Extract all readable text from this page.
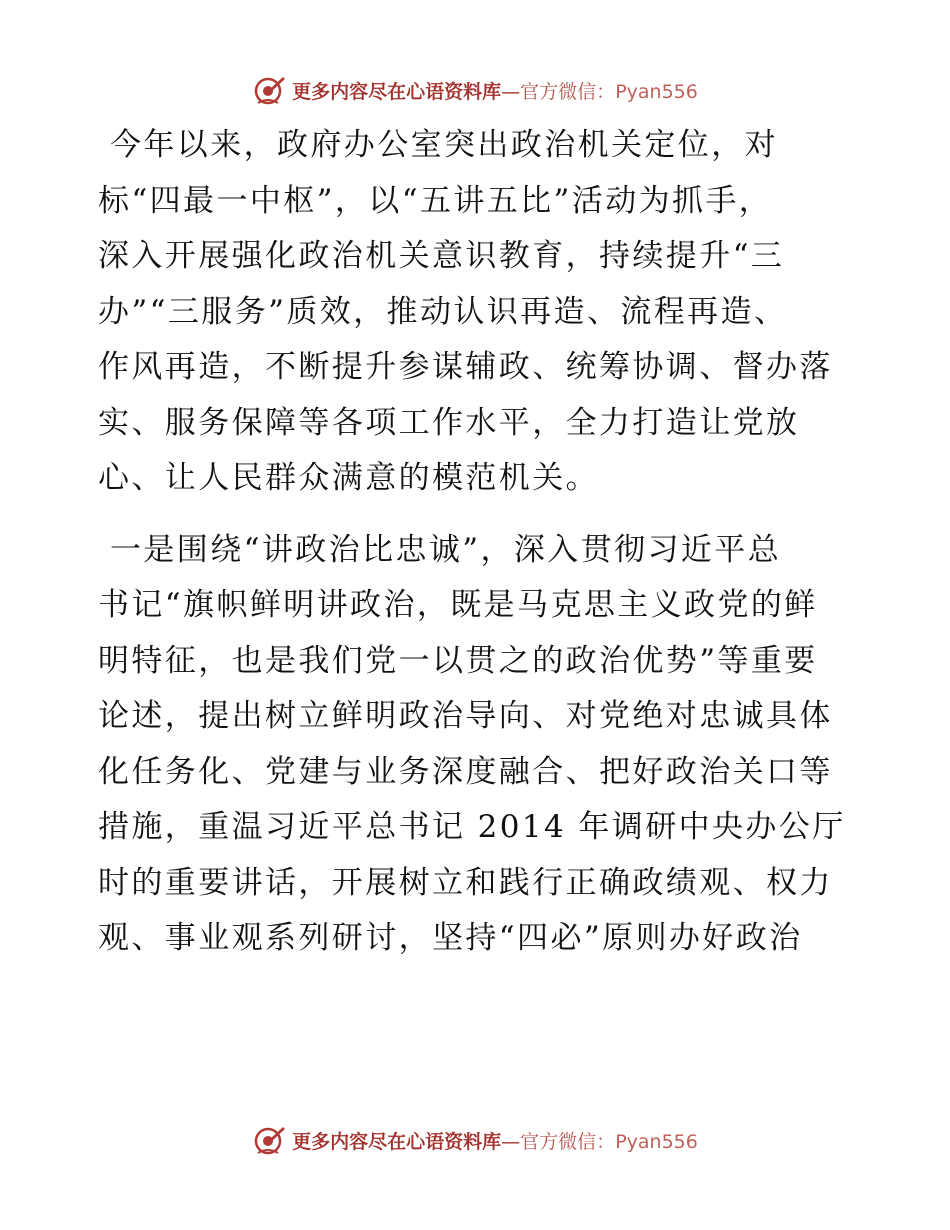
更多内容尽在心语资料库—官方微信：Pyan556
今年以来，政府办公室突出政治机关定位，对
标“四最一中枢”，以“五讲五比”活动为抓手，
深入开展强化政治机关意识教育，持续提升“三
办”“三服务”质效，推动认识再造、流程再造、
作风再造，不断提升参谋辅政、统筹协调、督办落
实、服务保障等各项工作水平，全力打造让党放
心、让人民群众满意的模范机关。
一是围绕“讲政治比忠诚”，深入贯彻习近平总
书记“旗帜鲜明讲政治，既是马克思主义政党的鲜
明特征，也是我们党一以贯之的政治优势”等重要
论述，提出树立鲜明政治导向、对党绝对忠诚具体
化任务化、党建与业务深度融合、把好政治关口等
措施，重温习近平总书记 2014 年调研中央办公厅
时的重要讲话，开展树立和践行正确政绩观、权力
观、事业观系列研讨，坚持“四必”原则办好政治
更多内容尽在心语资料库—官方微信：Pyan556
